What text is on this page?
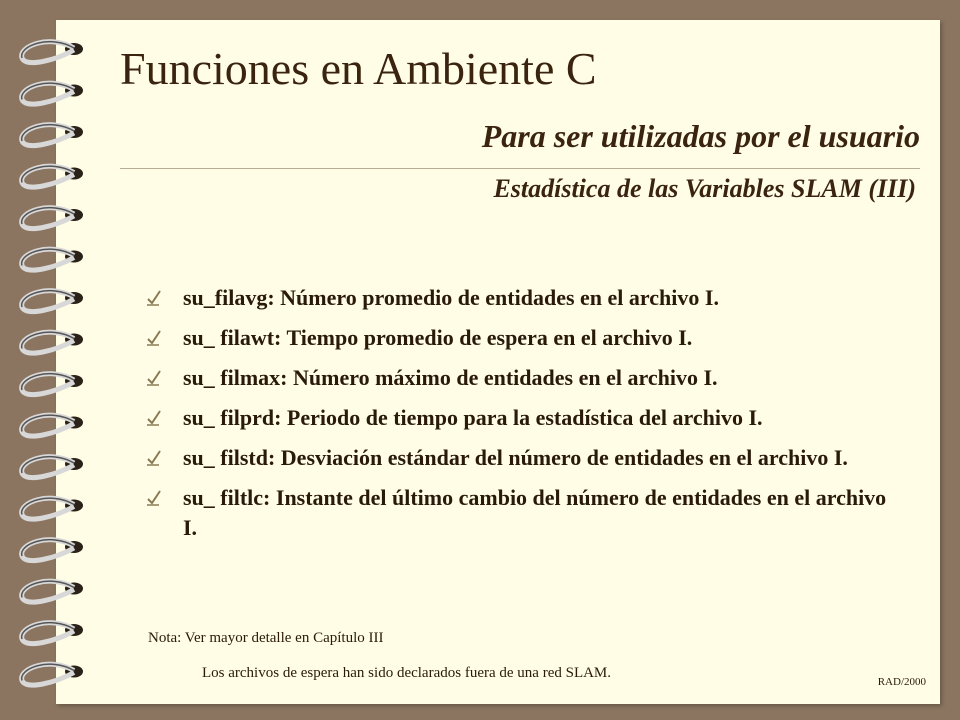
Funciones en Ambiente C
Para ser utilizadas por el usuario
Estadística de las Variables SLAM (III)
su_filavg: Número promedio de entidades en el archivo I.
su_ filawt: Tiempo promedio de espera en el archivo I.
su_ filmax: Número máximo de entidades en el archivo I.
su_ filprd: Periodo de tiempo para la estadística del archivo I.
su_ filstd: Desviación estándar del número de entidades en el archivo I.
su_ filtlc: Instante del último cambio del número de entidades en el archivo I.
Nota: Ver mayor detalle en Capítulo III
Los archivos de espera han sido declarados fuera de una red SLAM.
RAD/2000
